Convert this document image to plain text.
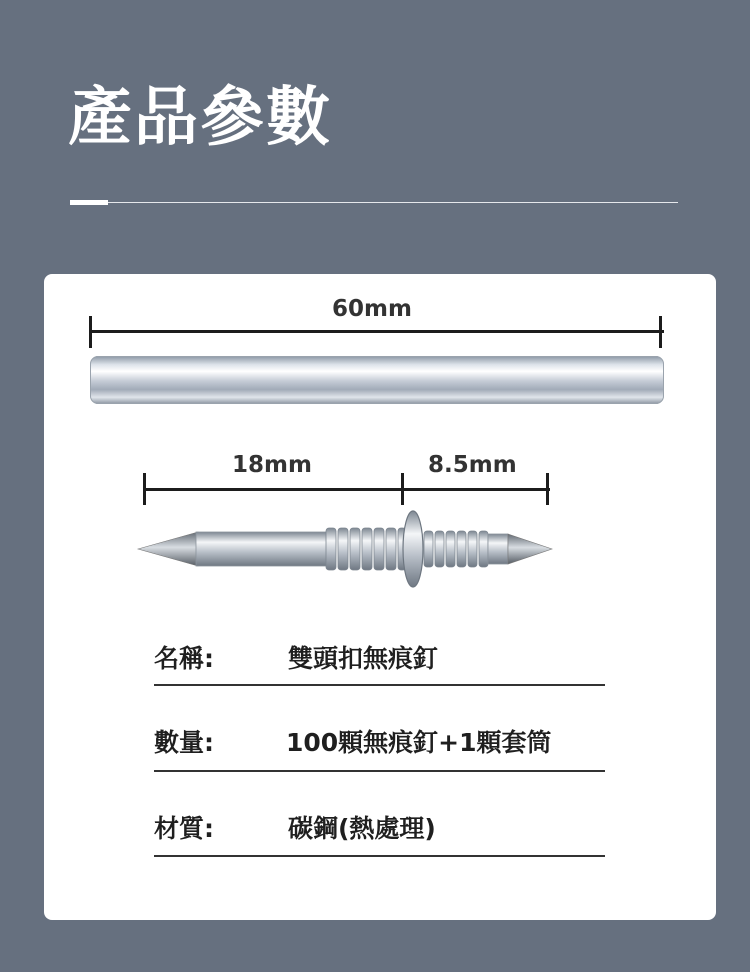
產品參數
60mm
18mm	8.5mm
名稱:	雙頭扣無痕釘
數量:	100顆無痕釘+1顆套筒
材質:	碳鋼(熱處理)
